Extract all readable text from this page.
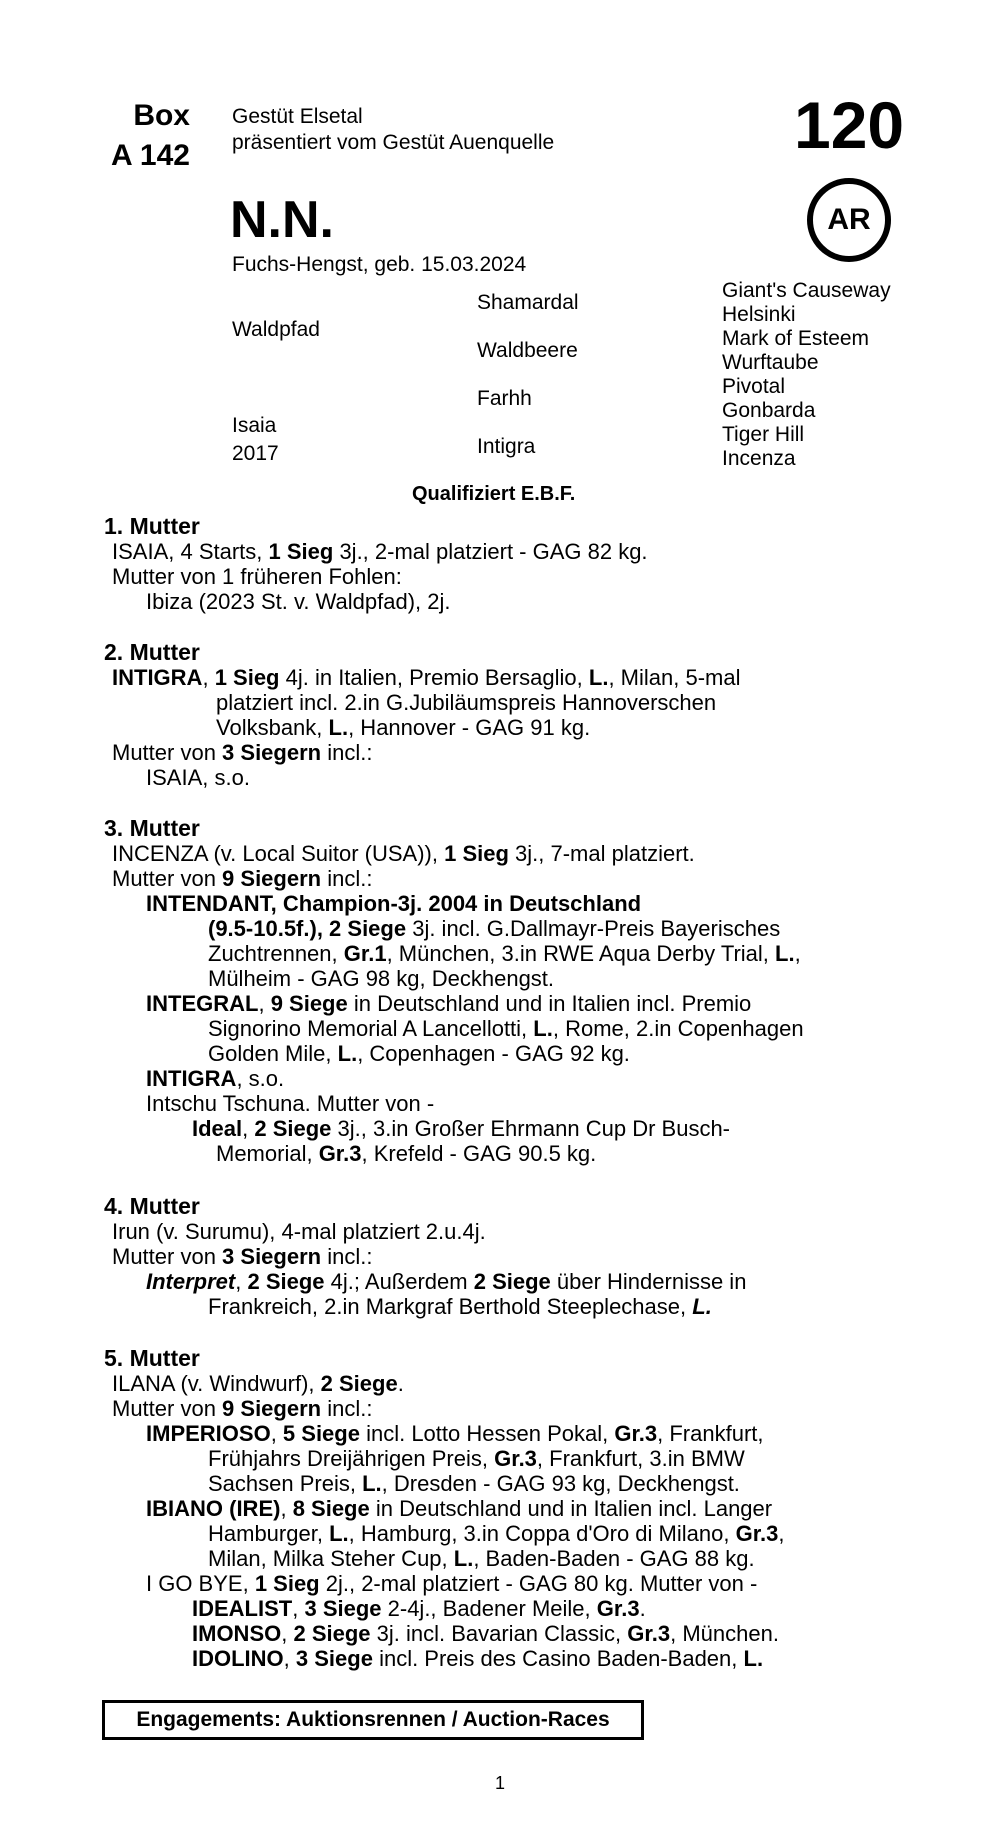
Box
A 142
Gestüt Elsetal
präsentiert vom Gestüt Auenquelle	120
AR
N.N.
Fuchs-Hengst, geb. 15.03.2024
Waldpfad
Isaia
2017
Shamardal
Waldbeere
Farhh
Intigra
Giant's Causeway
Helsinki
Mark of Esteem
Wurftaube
Pivotal
Gonbarda
Tiger Hill
Incenza
Qualifiziert E.B.F.
1. Mutter

ISAIA, 4 Starts, 1 Sieg 3j., 2-mal platziert - GAG 82 kg.

Mutter von 1 früheren Fohlen:

Ibiza (2023 St. v. Waldpfad), 2j.

2. Mutter

INTIGRA, 1 Sieg 4j. in Italien, Premio Bersaglio, L., Milan, 5-mal

platziert incl. 2.in G.Jubiläumspreis Hannoverschen

Volksbank, L., Hannover - GAG 91 kg.

Mutter von 3 Siegern incl.:

ISAIA, s.o.

3. Mutter

INCENZA (v. Local Suitor (USA)), 1 Sieg 3j., 7-mal platziert.

Mutter von 9 Siegern incl.:

INTENDANT, Champion-3j. 2004 in Deutschland

(9.5-10.5f.), 2 Siege 3j. incl. G.Dallmayr-Preis Bayerisches

Zuchtrennen, Gr.1, München, 3.in RWE Aqua Derby Trial, L.,

Mülheim - GAG 98 kg, Deckhengst.

INTEGRAL, 9 Siege in Deutschland und in Italien incl. Premio

Signorino Memorial A Lancellotti, L., Rome, 2.in Copenhagen

Golden Mile, L., Copenhagen - GAG 92 kg.

INTIGRA, s.o.

Intschu Tschuna. Mutter von -

Ideal, 2 Siege 3j., 3.in Großer Ehrmann Cup Dr Busch-

Memorial, Gr.3, Krefeld - GAG 90.5 kg.

4. Mutter

Irun (v. Surumu), 4-mal platziert 2.u.4j.

Mutter von 3 Siegern incl.:

Interpret, 2 Siege 4j.; Außerdem 2 Siege über Hindernisse in

Frankreich, 2.in Markgraf Berthold Steeplechase, L.

5. Mutter

ILANA (v. Windwurf), 2 Siege.

Mutter von 9 Siegern incl.:

IMPERIOSO, 5 Siege incl. Lotto Hessen Pokal, Gr.3, Frankfurt,

Frühjahrs Dreijährigen Preis, Gr.3, Frankfurt, 3.in BMW

Sachsen Preis, L., Dresden - GAG 93 kg, Deckhengst.

IBIANO (IRE), 8 Siege in Deutschland und in Italien incl. Langer

Hamburger, L., Hamburg, 3.in Coppa d'Oro di Milano, Gr.3,

Milan, Milka Steher Cup, L., Baden-Baden - GAG 88 kg.

I GO BYE, 1 Sieg 2j., 2-mal platziert - GAG 80 kg. Mutter von -

IDEALIST, 3 Siege 2-4j., Badener Meile, Gr.3.

IMONSO, 2 Siege 3j. incl. Bavarian Classic, Gr.3, München.

IDOLINO, 3 Siege incl. Preis des Casino Baden-Baden, L.

Engagements: Auktionsrennen / Auction-Races
1
